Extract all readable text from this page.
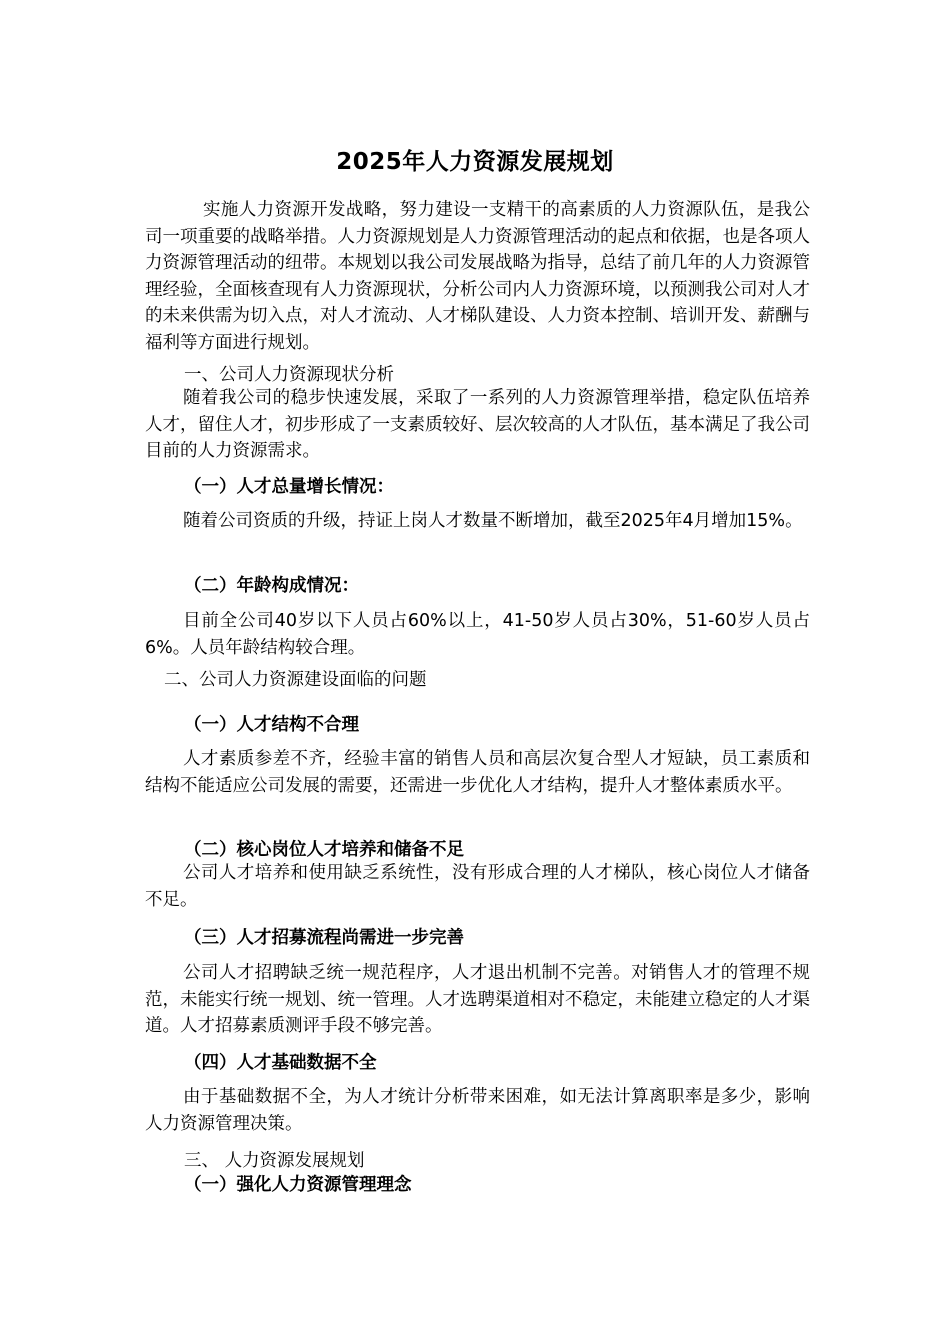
2025年人力资源发展规划

实施人力资源开发战略，努力建设一支精干的高素质的人力资源队伍，是我公司一项重要的战略举措。人力资源规划是人力资源管理活动的起点和依据，也是各项人力资源管理活动的纽带。本规划以我公司发展战略为指导，总结了前几年的人力资源管理经验，全面核查现有人力资源现状，分析公司内人力资源环境，以预测我公司对人才的未来供需为切入点，对人才流动、人才梯队建设、人力资本控制、培训开发、薪酬与福利等方面进行规划。

一、公司人力资源现状分析

随着我公司的稳步快速发展，采取了一系列的人力资源管理举措，稳定队伍培养人才，留住人才，初步形成了一支素质较好、层次较高的人才队伍，基本满足了我公司目前的人力资源需求。

（一）人才总量增长情况：

随着公司资质的升级，持证上岗人才数量不断增加，截至2025年4月增加15%。

（二）年龄构成情况：

目前全公司40岁以下人员占60%以上，41-50岁人员占30%，51-60岁人员占6%。人员年龄结构较合理。

二、公司人力资源建设面临的问题
（一）人才结构不合理

人才素质参差不齐，经验丰富的销售人员和高层次复合型人才短缺，员工素质和结构不能适应公司发展的需要，还需进一步优化人才结构，提升人才整体素质水平。

（二）核心岗位人才培养和储备不足

公司人才培养和使用缺乏系统性，没有形成合理的人才梯队，核心岗位人才储备不足。

（三）人才招募流程尚需进一步完善

公司人才招聘缺乏统一规范程序，人才退出机制不完善。对销售人才的管理不规范，未能实行统一规划、统一管理。人才选聘渠道相对不稳定，未能建立稳定的人才渠道。人才招募素质测评手段不够完善。

（四）人才基础数据不全

由于基础数据不全，为人才统计分析带来困难，如无法计算离职率是多少，影响人力资源管理决策。

三、 人力资源发展规划
（一）强化人力资源管理理念
